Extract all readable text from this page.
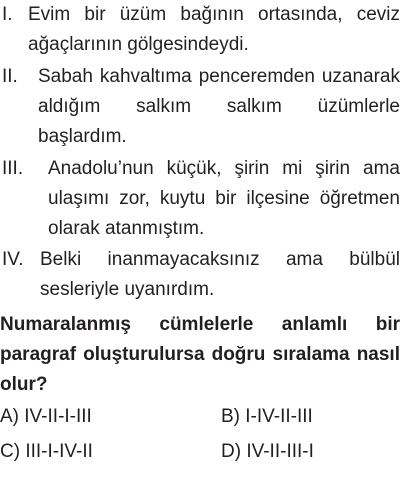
I. Evim bir üzüm bağının ortasında, ceviz ağaçlarının gölgesindeydi.
II. Sabah kahvaltıma penceremden uzanarak aldığım salkım salkım üzümlerle başlardım.
III. Anadolu’nun küçük, şirin mi şirin ama ulaşımı zor, kuytu bir ilçesine öğretmen olarak atanmıştım.
IV. Belki inanmayacaksınız ama bülbül sesleriyle uyanırdım.
Numaralanmış cümlelerle anlamlı bir paragraf oluşturulursa doğru sıralama nasıl olur?
A) IV-II-I-III	B) I-IV-II-III
C) III-I-IV-II	D) IV-II-III-I
